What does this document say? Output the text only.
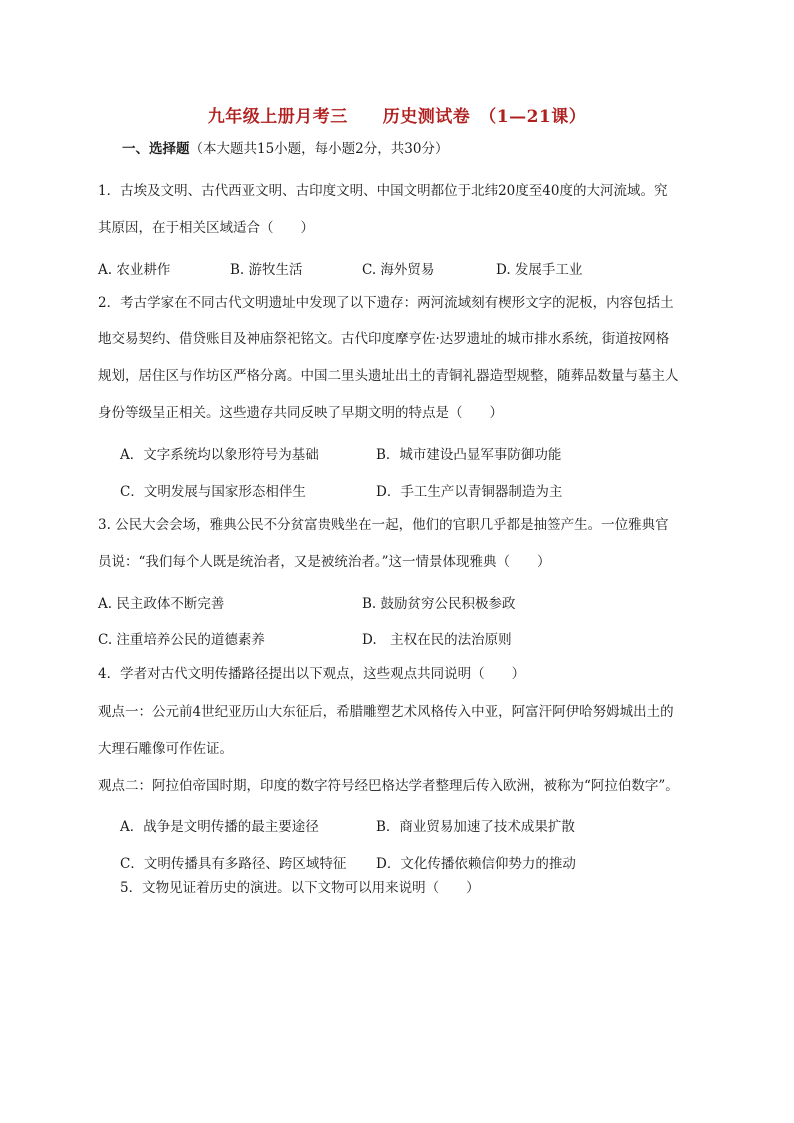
九年级上册月考三　　历史测试卷　（1—21课）
一、选择题（本大题共15小题，每小题2分，共30分）
1．古埃及文明、古代西亚文明、古印度文明、中国文明都位于北纬20度至40度的大河流域。究
其原因，在于相关区域适合（　　）
A. 农业耕作	B. 游牧生活	C. 海外贸易	D. 发展手工业
2．考古学家在不同古代文明遗址中发现了以下遗存：两河流域刻有楔形文字的泥板，内容包括土
地交易契约、借贷账目及神庙祭祀铭文。古代印度摩亨佐·达罗遗址的城市排水系统，街道按网格
规划，居住区与作坊区严格分离。中国二里头遗址出土的青铜礼器造型规整，随葬品数量与墓主人
身份等级呈正相关。这些遗存共同反映了早期文明的特点是（　　）
A．文字系统均以象形符号为基础	B．城市建设凸显军事防御功能
C．文明发展与国家形态相伴生	D．手工生产以青铜器制造为主
3. 公民大会会场，雅典公民不分贫富贵贱坐在一起，他们的官职几乎都是抽签产生。一位雅典官
员说：“我们每个人既是统治者，又是被统治者。”这一情景体现雅典（　　）
A. 民主政体不断完善	B. 鼓励贫穷公民积极参政
C. 注重培养公民的道德素养	D.　主权在民的法治原则
4．学者对古代文明传播路径提出以下观点，这些观点共同说明（　　）
观点一：公元前4世纪亚历山大东征后，希腊雕塑艺术风格传入中亚，阿富汗阿伊哈努姆城出土的
大理石雕像可作佐证。
观点二：阿拉伯帝国时期，印度的数字符号经巴格达学者整理后传入欧洲，被称为“阿拉伯数字”。
A．战争是文明传播的最主要途径	B．商业贸易加速了技术成果扩散
C．文明传播具有多路径、跨区域特征 D．文化传播依赖信仰势力的推动
5．文物见证着历史的演进。以下文物可以用来说明（　　）
